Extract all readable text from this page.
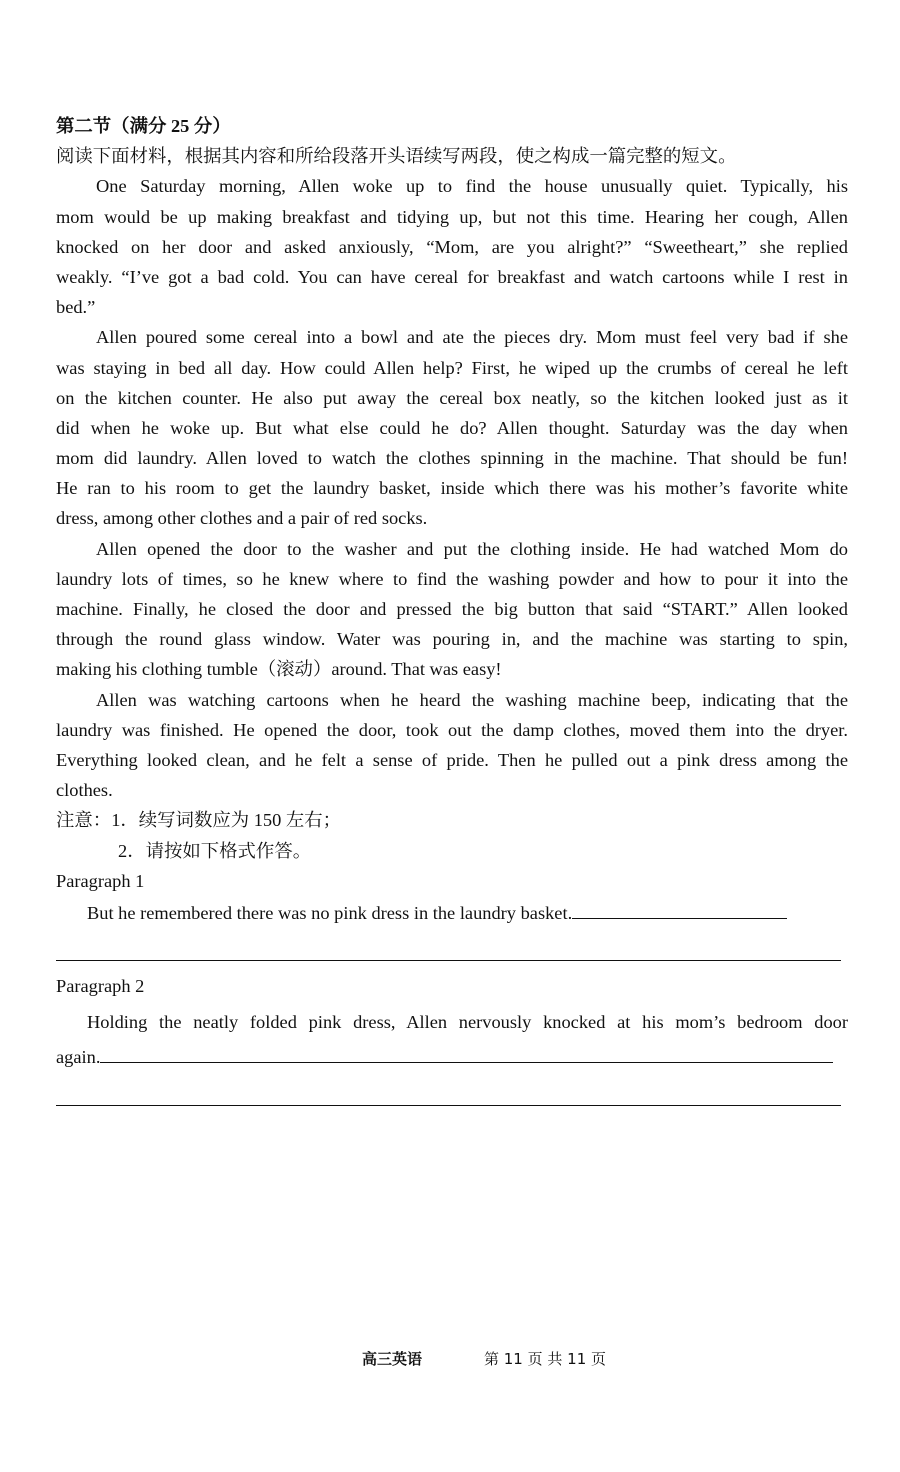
第二节（满分 25 分）
阅读下面材料，根据其内容和所给段落开头语续写两段，使之构成一篇完整的短文。
One Saturday morning, Allen woke up to find the house unusually quiet. Typically, his
mom would be up making breakfast and tidying up, but not this time. Hearing her cough, Allen
knocked on her door and asked anxiously, “Mom, are you alright?” “Sweetheart,” she replied
weakly. “I’ve got a bad cold. You can have cereal for breakfast and watch cartoons while I rest in
bed.”
Allen poured some cereal into a bowl and ate the pieces dry. Mom must feel very bad if she
was staying in bed all day. How could Allen help? First, he wiped up the crumbs of cereal he left
on the kitchen counter. He also put away the cereal box neatly, so the kitchen looked just as it
did when he woke up. But what else could he do? Allen thought. Saturday was the day when
mom did laundry. Allen loved to watch the clothes spinning in the machine. That should be fun!
He ran to his room to get the laundry basket, inside which there was his mother’s favorite white
dress, among other clothes and a pair of red socks.
Allen opened the door to the washer and put the clothing inside. He had watched Mom do
laundry lots of times, so he knew where to find the washing powder and how to pour it into the
machine. Finally, he closed the door and pressed the big button that said “START.” Allen looked
through the round glass window. Water was pouring in, and the machine was starting to spin,
making his clothing tumble（滚动）around. That was easy!
Allen was watching cartoons when he heard the washing machine beep, indicating that the
laundry was finished. He opened the door, took out the damp clothes, moved them into the dryer.
Everything looked clean, and he felt a sense of pride. Then he pulled out a pink dress among the
clothes.
注意：1．续写词数应为 150 左右；
2．请按如下格式作答。
Paragraph 1
But he remembered there was no pink dress in the laundry basket.
Paragraph 2
Holding the neatly folded pink dress, Allen nervously knocked at his mom’s bedroom door
again.
高三英语	第 11 页 共 11 页
